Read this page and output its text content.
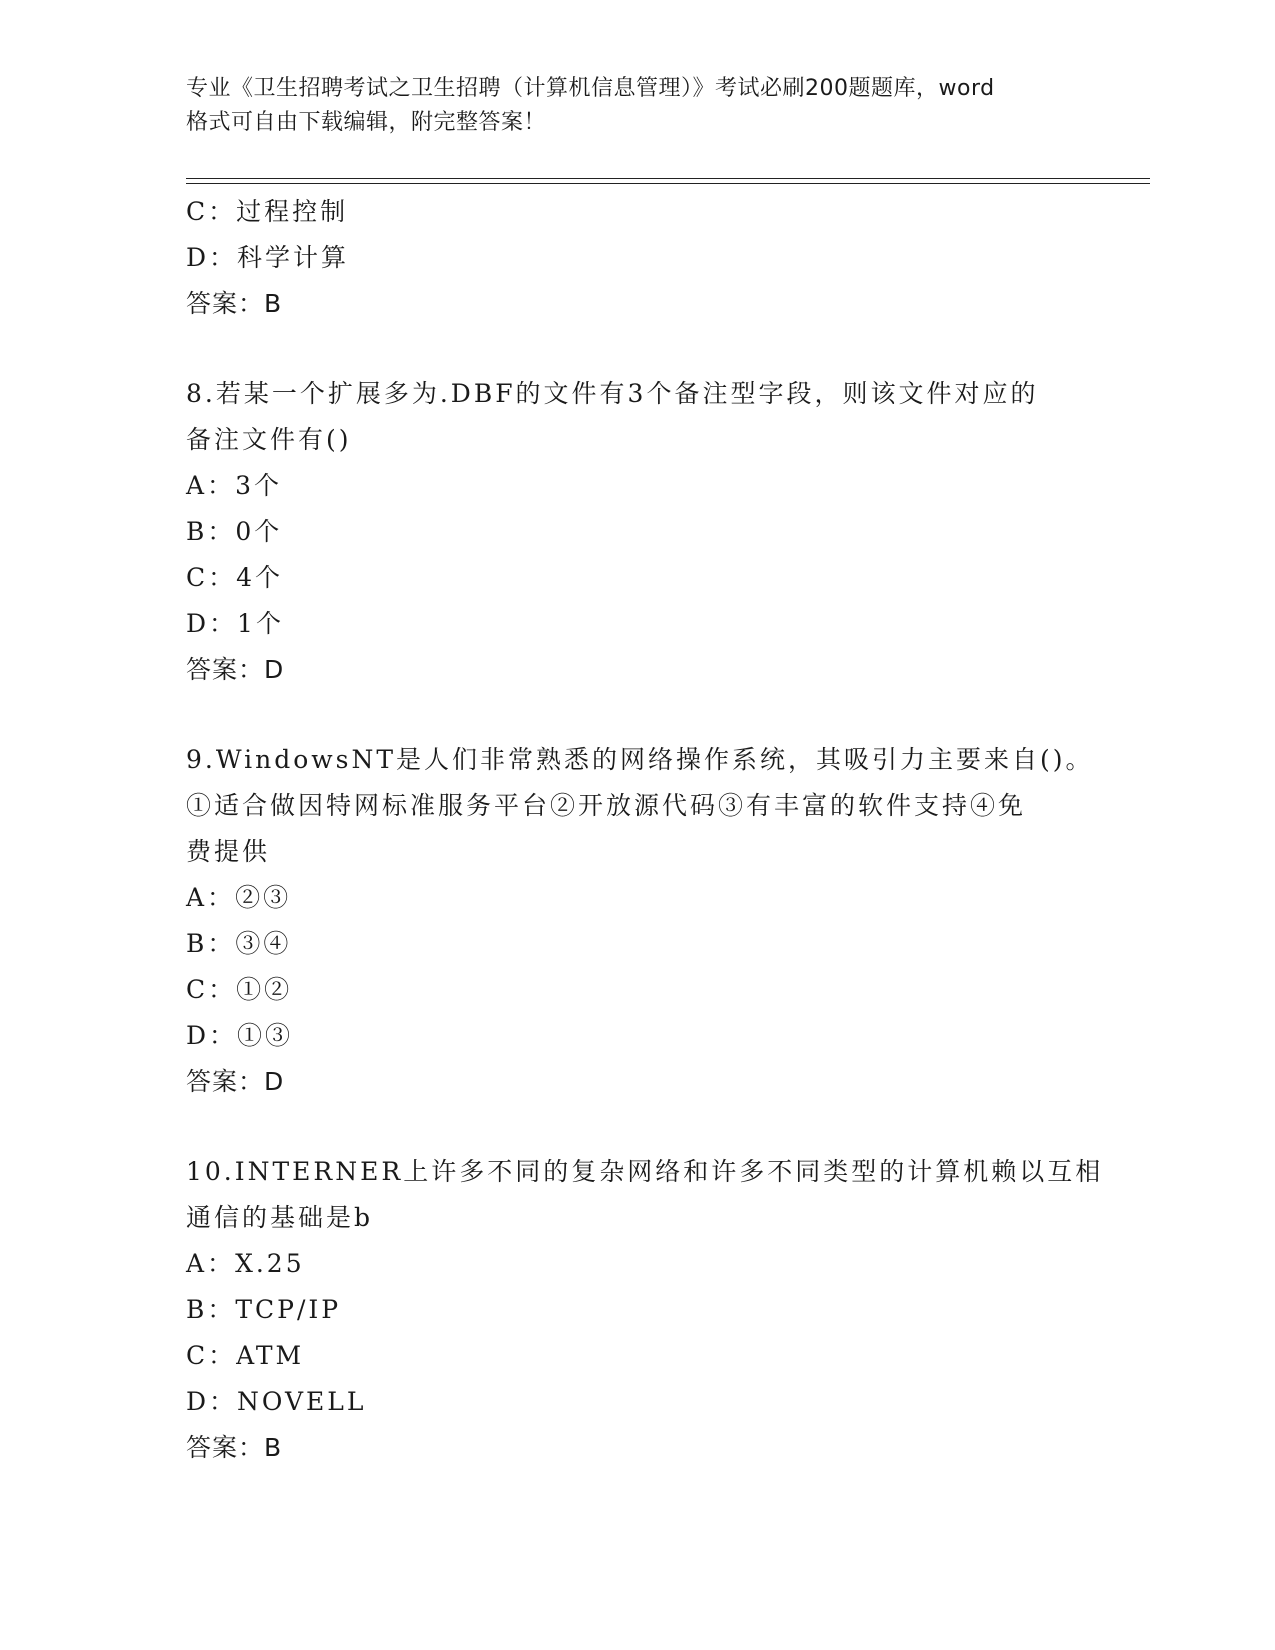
专业《卫生招聘考试之卫生招聘（计算机信息管理）》考试必刷200题题库，word
格式可自由下载编辑，附完整答案！
C：过程控制
D：科学计算
答案：B
8.若某一个扩展多为.DBF的文件有3个备注型字段，则该文件对应的
备注文件有()
A：3个
B：0个
C：4个
D：1个
答案：D
9.WindowsNT是人们非常熟悉的网络操作系统，其吸引力主要来自()。
①适合做因特网标准服务平台②开放源代码③有丰富的软件支持④免
费提供
A：②③
B：③④
C：①②
D：①③
答案：D
10.INTERNER上许多不同的复杂网络和许多不同类型的计算机赖以互相
通信的基础是b
A：X.25
B：TCP/IP
C：ATM
D：NOVELL
答案：B
